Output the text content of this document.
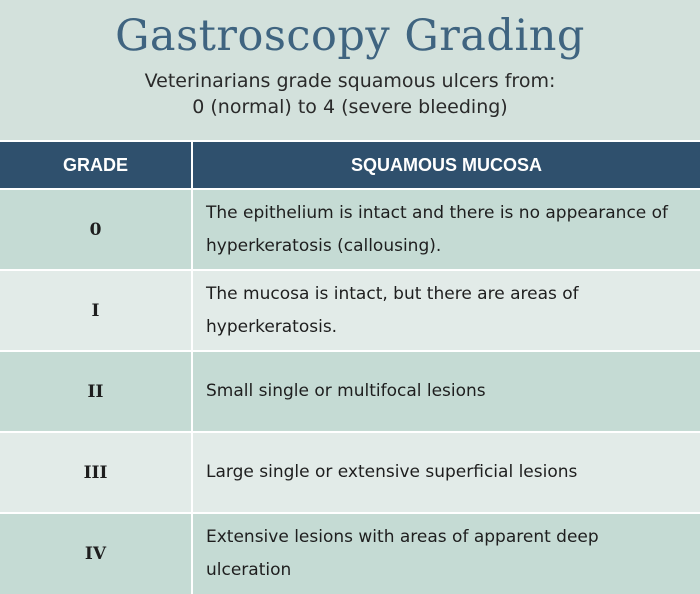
Gastroscopy Grading
Veterinarians grade squamous ulcers from:
0 (normal) to 4 (severe bleeding)
GRADE	SQUAMOUS MUCOSA
0	The epithelium is intact and there is no appearance of hyperkeratosis (callousing).
I	The mucosa is intact, but there are areas of hyperkeratosis.
II	Small single or multifocal lesions
III	Large single or extensive superficial lesions
IV	Extensive lesions with areas of apparent deep ulceration
